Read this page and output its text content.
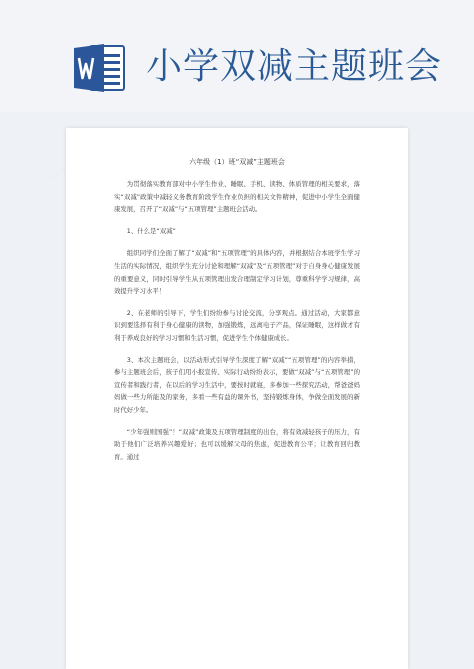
小学双减主题班会
.......
六年级（1）班“双减”主题班会

为贯彻落实教育部对中小学生作业、睡眠、手机、读物、体质管理的相关要求，落实“双减”政策中减轻义务教育阶段学生作业负担的相关文件精神，促进中小学生全面健康发展，召开了“双减”与“五项管理”主题班会活动。

1、什么是“双减”

组织同学们全面了解了“双减”和“五项管理”的具体内容，并根据结合本班学生学习生活的实际情况，组织学生充分讨论和理解“双减”及“五项管理”对于自身身心健康发展的重要意义，同时引导学生从五项管理出发合理制定学习计划，尊重科学学习规律，高效提升学习水平！

2、在老师的引导下，学生们纷纷参与讨论交流，分享观点。通过活动，大家都意识到要选择有利于身心健康的读物，加强锻炼，远离电子产品，保证睡眠，这样做才有利于养成良好的学习习惯和生活习惯，促进学生个体健康成长。

3、本次主题班会，以活动形式引导学生深度了解“双减”“五项管理”的内容举措，参与主题班会后，孩子们用小报宣传、实际行动纷纷表示，要做“双减”与“五项管理”的宣传者和践行者，在以后的学习生活中，要按时就寝，多参加一些探究活动，帮爸爸妈妈做一些力所能及的家务，多看一些有益的课外书，坚持锻炼身体，争做全面发展的新时代好少年。

“少年强则国强”！“双减”政策及五项管理制度的出台，将有效减轻孩子的压力，有助于他们广泛培养兴趣爱好；也可以缓解父母的焦虑，促进教育公平；让教育回归教育。通过
